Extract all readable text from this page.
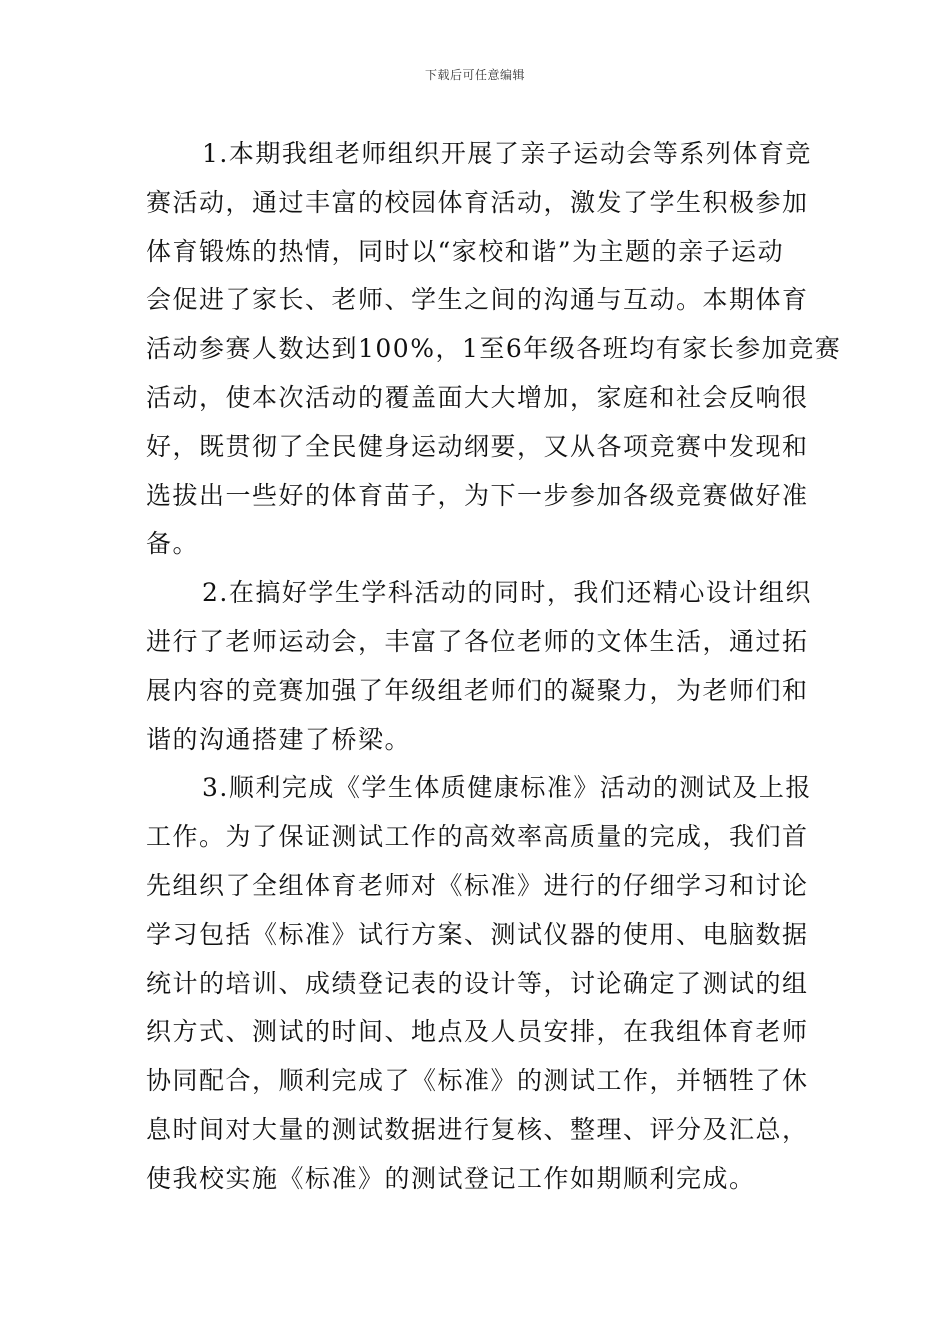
下载后可任意编辑

1.本期我组老师组织开展了亲子运动会等系列体育竞
赛活动，通过丰富的校园体育活动，激发了学生积极参加
体育锻炼的热情，同时以“家校和谐”为主题的亲子运动
会促进了家长、老师、学生之间的沟通与互动。本期体育
活动参赛人数达到100%，1至6年级各班均有家长参加竞赛
活动，使本次活动的覆盖面大大增加，家庭和社会反响很
好，既贯彻了全民健身运动纲要，又从各项竞赛中发现和
选拔出一些好的体育苗子，为下一步参加各级竞赛做好准
备。

2.在搞好学生学科活动的同时，我们还精心设计组织
进行了老师运动会，丰富了各位老师的文体生活，通过拓
展内容的竞赛加强了年级组老师们的凝聚力，为老师们和
谐的沟通搭建了桥梁。

3.顺利完成《学生体质健康标准》活动的测试及上报
工作。为了保证测试工作的高效率高质量的完成，我们首
先组织了全组体育老师对《标准》进行的仔细学习和讨论
学习包括《标准》试行方案、测试仪器的使用、电脑数据
统计的培训、成绩登记表的设计等，讨论确定了测试的组
织方式、测试的时间、地点及人员安排，在我组体育老师
协同配合，顺利完成了《标准》的测试工作，并牺牲了休
息时间对大量的测试数据进行复核、整理、评分及汇总，
使我校实施《标准》的测试登记工作如期顺利完成。
